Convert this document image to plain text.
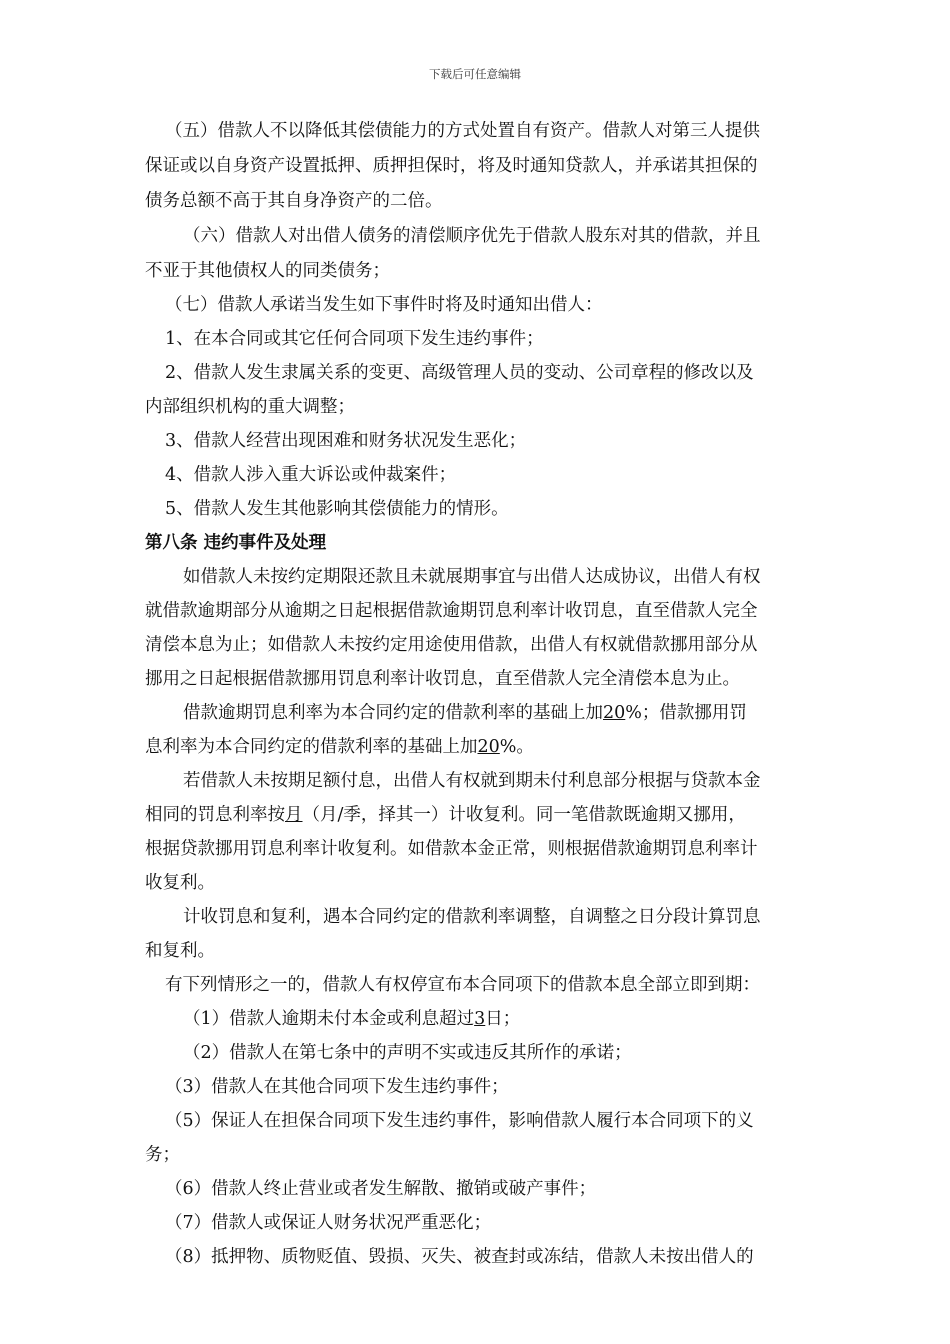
下载后可任意编辑
（五）借款人不以降低其偿债能力的方式处置自有资产。借款人对第三人提供
保证或以自身资产设置抵押、质押担保时，将及时通知贷款人，并承诺其担保的
债务总额不高于其自身净资产的二倍。
（六）借款人对出借人债务的清偿顺序优先于借款人股东对其的借款，并且
不亚于其他债权人的同类债务；
（七）借款人承诺当发生如下事件时将及时通知出借人：
1、在本合同或其它任何合同项下发生违约事件；
2、借款人发生隶属关系的变更、高级管理人员的变动、公司章程的修改以及
内部组织机构的重大调整；
3、借款人经营出现困难和财务状况发生恶化；
4、借款人涉入重大诉讼或仲裁案件；
5、借款人发生其他影响其偿债能力的情形。
第八条 违约事件及处理
如借款人未按约定期限还款且未就展期事宜与出借人达成协议，出借人有权
就借款逾期部分从逾期之日起根据借款逾期罚息利率计收罚息，直至借款人完全
清偿本息为止；如借款人未按约定用途使用借款，出借人有权就借款挪用部分从
挪用之日起根据借款挪用罚息利率计收罚息，直至借款人完全清偿本息为止。
借款逾期罚息利率为本合同约定的借款利率的基础上加20%；借款挪用罚
息利率为本合同约定的借款利率的基础上加20%。
若借款人未按期足额付息，出借人有权就到期未付利息部分根据与贷款本金
相同的罚息利率按月（月/季，择其一）计收复利。同一笔借款既逾期又挪用，
根据贷款挪用罚息利率计收复利。如借款本金正常，则根据借款逾期罚息利率计
收复利。
计收罚息和复利，遇本合同约定的借款利率调整，自调整之日分段计算罚息
和复利。
有下列情形之一的，借款人有权停宣布本合同项下的借款本息全部立即到期：
（1）借款人逾期未付本金或利息超过3日；
（2）借款人在第七条中的声明不实或违反其所作的承诺；
（3）借款人在其他合同项下发生违约事件；
（5）保证人在担保合同项下发生违约事件，影响借款人履行本合同项下的义
务；
（6）借款人终止营业或者发生解散、撤销或破产事件；
（7）借款人或保证人财务状况严重恶化；
（8）抵押物、质物贬值、毁损、灭失、被查封或冻结，借款人未按出借人的
